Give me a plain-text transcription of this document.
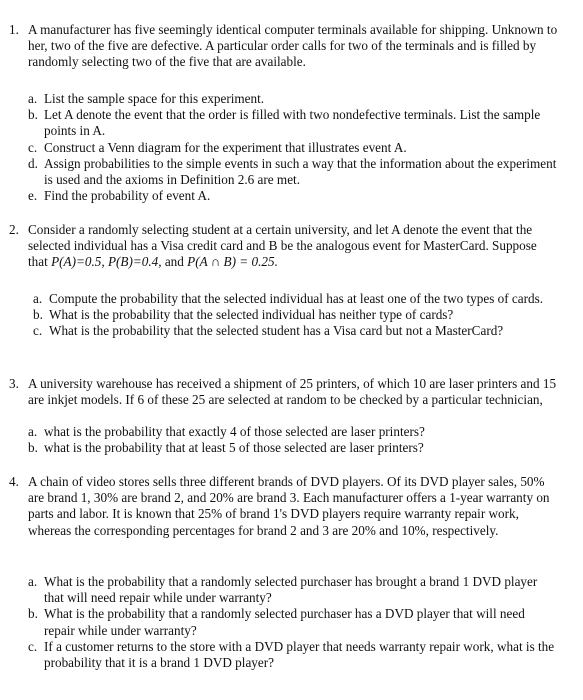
1. A manufacturer has five seemingly identical computer terminals available for shipping. Unknown to her, two of the five are defective. A particular order calls for two of the terminals and is filled by randomly selecting two of the five that are available.
a. List the sample space for this experiment.
b. Let A denote the event that the order is filled with two nondefective terminals. List the sample points in A.
c. Construct a Venn diagram for the experiment that illustrates event A.
d. Assign probabilities to the simple events in such a way that the information about the experiment is used and the axioms in Definition 2.6 are met.
e. Find the probability of event A.
2. Consider a randomly selecting student at a certain university, and let A denote the event that the selected individual has a Visa credit card and B be the analogous event for MasterCard. Suppose that P(A)=0.5, P(B)=0.4, and P(A ∩ B) = 0.25.
a. Compute the probability that the selected individual has at least one of the two types of cards.
b. What is the probability that the selected individual has neither type of cards?
c. What is the probability that the selected student has a Visa card but not a MasterCard?
3. A university warehouse has received a shipment of 25 printers, of which 10 are laser printers and 15 are inkjet models. If 6 of these 25 are selected at random to be checked by a particular technician,
a. what is the probability that exactly 4 of those selected are laser printers?
b. what is the probability that at least 5 of those selected are laser printers?
4. A chain of video stores sells three different brands of DVD players. Of its DVD player sales, 50% are brand 1, 30% are brand 2, and 20% are brand 3. Each manufacturer offers a 1-year warranty on parts and labor. It is known that 25% of brand 1's DVD players require warranty repair work, whereas the corresponding percentages for brand 2 and 3 are 20% and 10%, respectively.
a. What is the probability that a randomly selected purchaser has brought a brand 1 DVD player that will need repair while under warranty?
b. What is the probability that a randomly selected purchaser has a DVD player that will need repair while under warranty?
c. If a customer returns to the store with a DVD player that needs warranty repair work, what is the probability that it is a brand 1 DVD player?
